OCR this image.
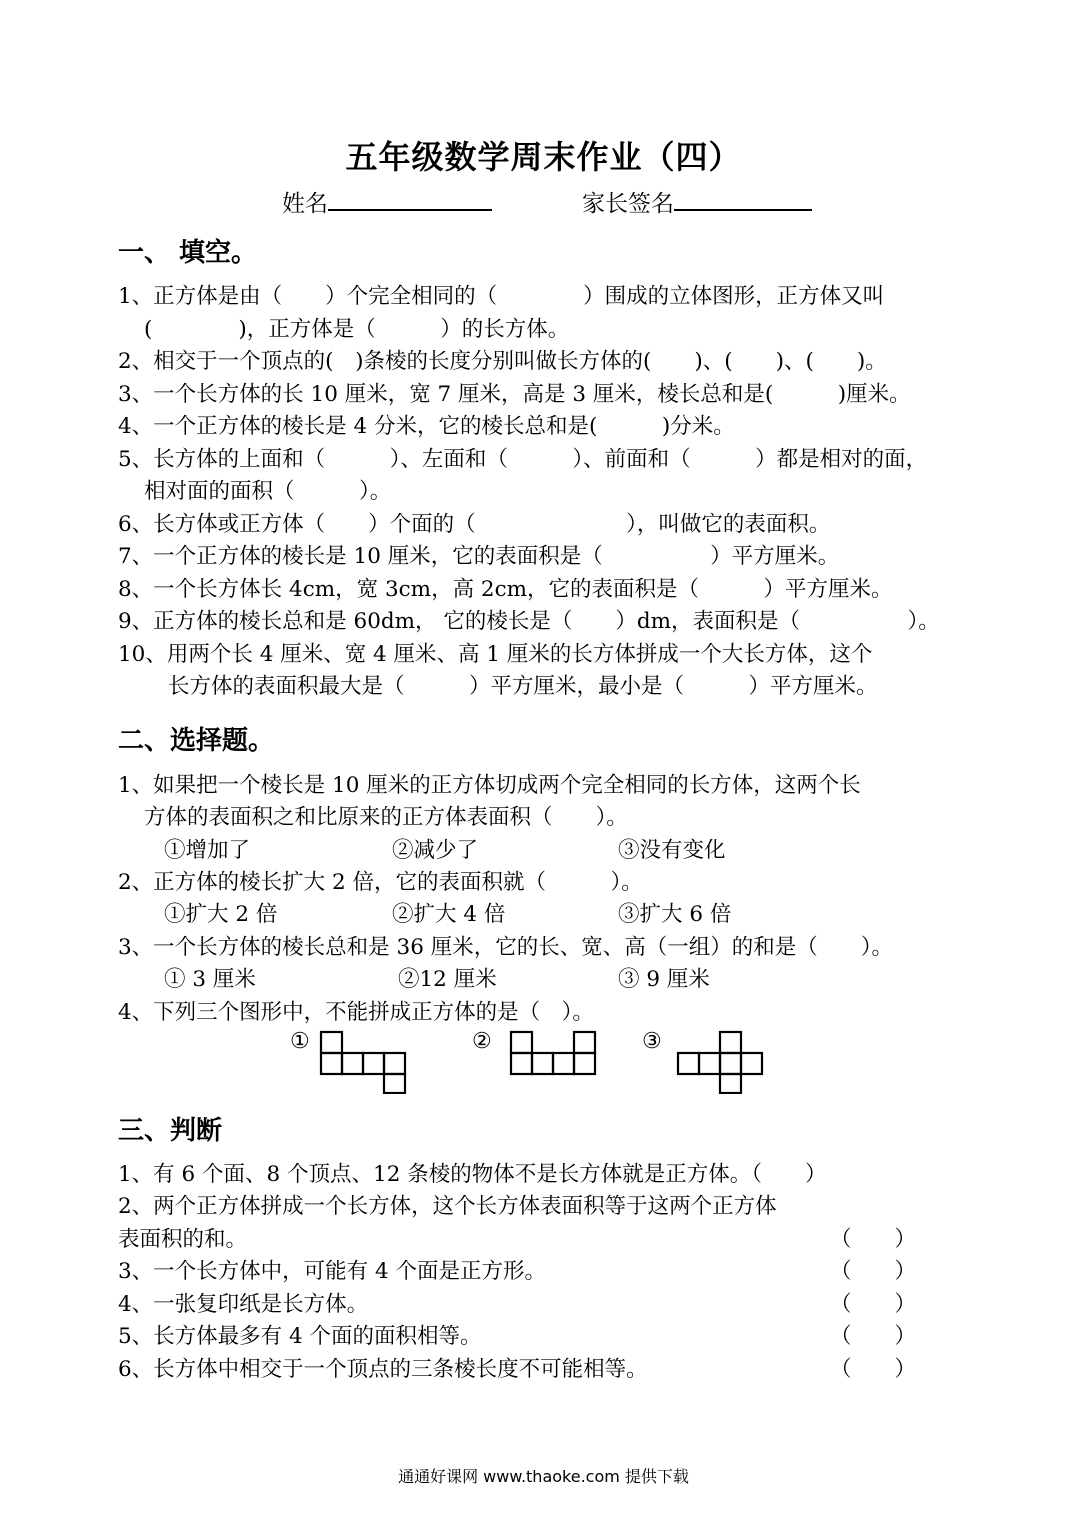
五年级数学周末作业（四）
姓名	家长签名
一、 填空。
1、正方体是由（　　）个完全相同的（　　　　）围成的立体图形，正方体又叫
(　　　　)，正方体是（　　　）的长方体。
2、相交于一个顶点的(　)条棱的长度分别叫做长方体的(　　)、(　　)、(　　)。
3、一个长方体的长 10 厘米，宽 7 厘米，高是 3 厘米，棱长总和是(　　　)厘米。
4、一个正方体的棱长是 4 分米，它的棱长总和是(　　　)分米。
5、长方体的上面和（　　　）、左面和（　　　）、前面和（　　　）都是相对的面，
相对面的面积（　　　）。
6、长方体或正方体（　　）个面的（　　　　　　　），叫做它的表面积。
7、一个正方体的棱长是 10 厘米，它的表面积是（　　　　　）平方厘米。
8、一个长方体长 4cm，宽 3cm，高 2cm，它的表面积是（　　　）平方厘米。
9、正方体的棱长总和是 60dm， 它的棱长是（　　）dm，表面积是（　　　　　）。
10、用两个长 4 厘米、宽 4 厘米、高 1 厘米的长方体拼成一个大长方体，这个
长方体的表面积最大是（　　　）平方厘米，最小是（　　　）平方厘米。
二、选择题。
1、如果把一个棱长是 10 厘米的正方体切成两个完全相同的长方体，这两个长
方体的表面积之和比原来的正方体表面积（　　）。
①增加了	②减少了	③没有变化
2、正方体的棱长扩大 2 倍，它的表面积就（　　　）。
①扩大 2 倍	②扩大 4 倍	③扩大 6 倍
3、一个长方体的棱长总和是 36 厘米，它的长、宽、高（一组）的和是（　　）。
① 3 厘米	②12 厘米	③ 9 厘米
4、下列三个图形中，不能拼成正方体的是（　）。
①	②	③
三、判断
1、有 6 个面、8 个顶点、12 条棱的物体不是长方体就是正方体。（　　）
2、两个正方体拼成一个长方体，这个长方体表面积等于这两个正方体
表面积的和。	（　　）
3、一个长方体中，可能有 4 个面是正方形。	（　　）
4、一张复印纸是长方体。	（　　）
5、长方体最多有 4 个面的面积相等。	（　　）
6、长方体中相交于一个顶点的三条棱长度不可能相等。	（　　）
通通好课网 www.thaoke.com 提供下载
